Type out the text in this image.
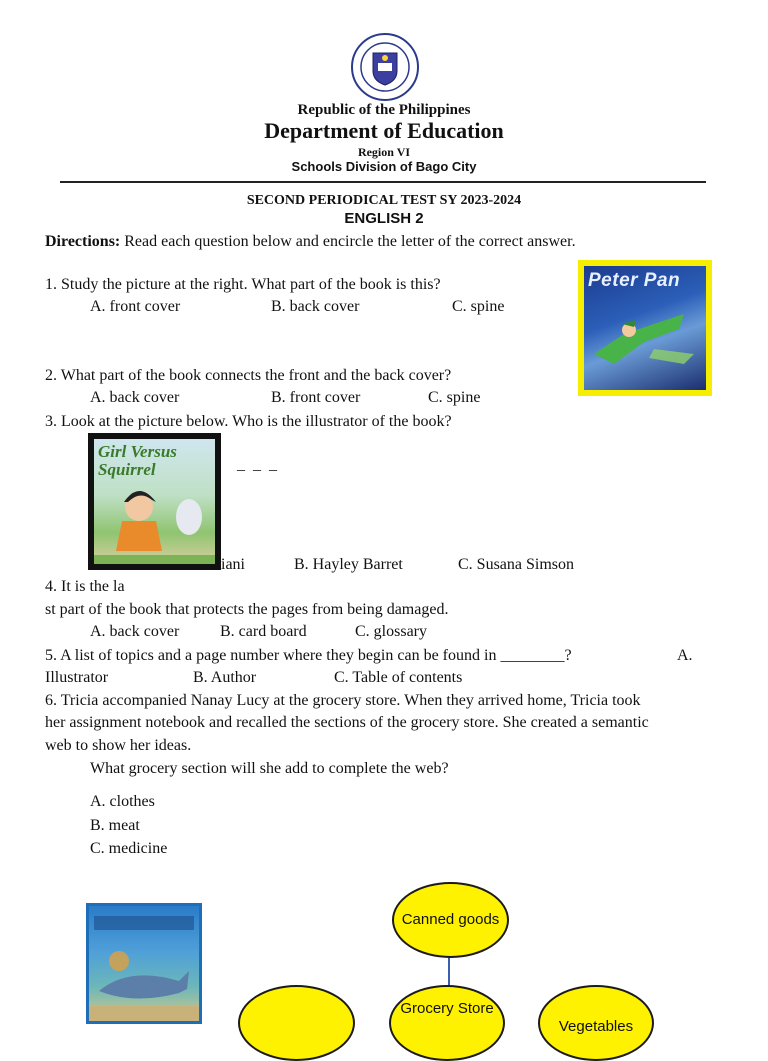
Republic of the Philippines
Department of Education
Region VI
Schools Division of Bago City
SECOND PERIODICAL TEST SY 2023-2024
ENGLISH 2
Directions: Read each question below and encircle the letter of the correct answer.
1. Study the picture at the right. What part of the book is this?
A. front cover	B. back cover	C. spine
Peter Pan
2. What part of the book connects the front and the back cover?
A. back cover	B. front cover	C. spine
3. Look at the picture below. Who is the illustrator of the book?
Girl Versus Squirrel	_ _ _
iani	B. Hayley Barret	C. Susana Simson
4. It is the la
st part of the book that protects the pages from being damaged.
A. back cover	B. card board	C. glossary
5. A list of topics and a page number where they begin can be found in ________?	A.
Illustrator	B. Author	C. Table of contents
6. Tricia accompanied Nanay Lucy at the grocery store. When they arrived home, Tricia took
her assignment notebook and recalled the sections of the grocery store. She created a semantic
web to show her ideas.
What grocery section will she add to complete the web?
A. clothes
B. meat
C. medicine
Canned goods
Grocery Store
Vegetables
